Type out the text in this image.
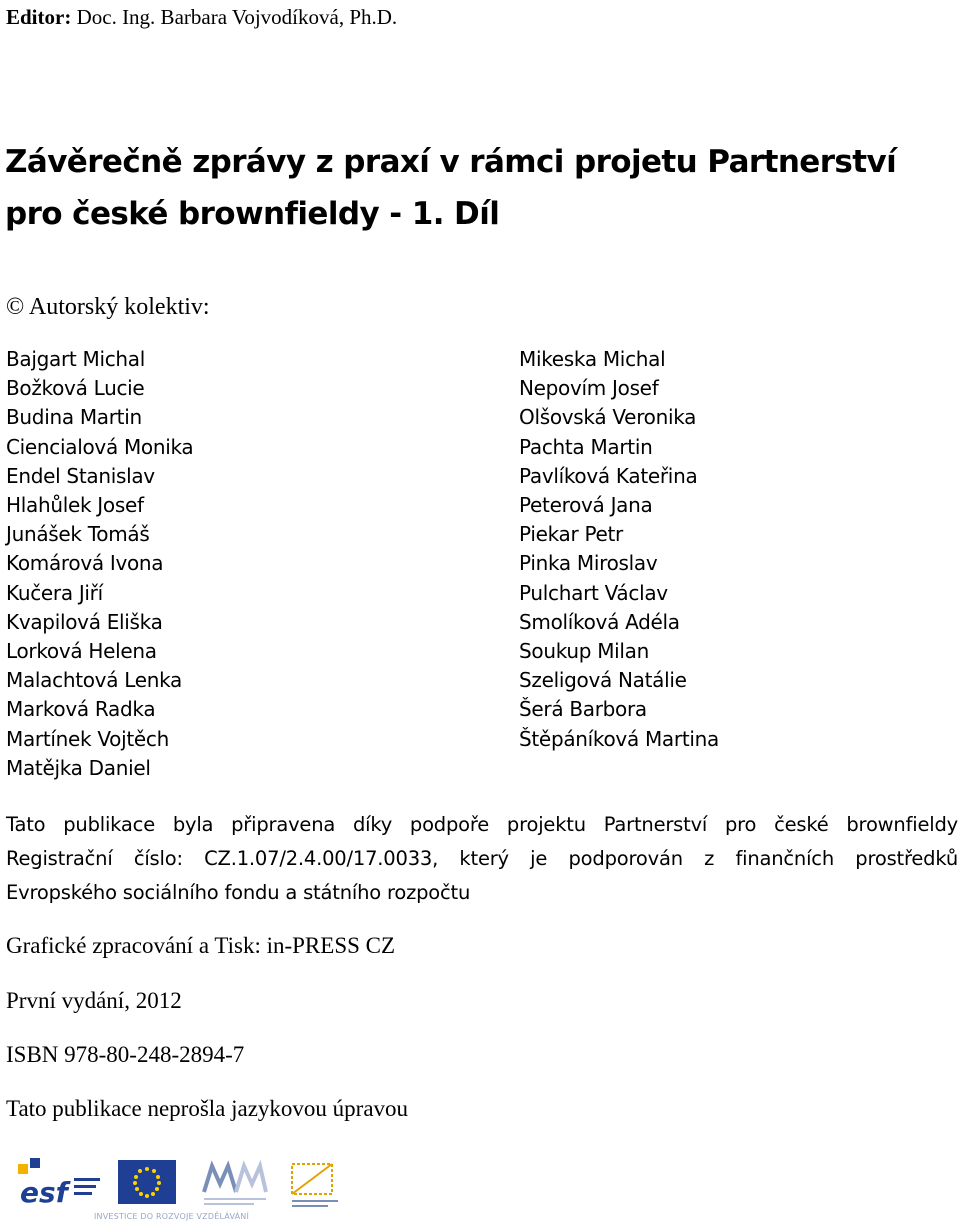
Editor: Doc. Ing. Barbara Vojvodíková, Ph.D.
Závěrečně zprávy z praxí v rámci projetu Partnerství pro české brownfieldy - 1. Díl
© Autorský kolektiv:
Bajgart Michal
Božková Lucie
Budina Martin
Ciencialová Monika
Endel Stanislav
Hlahůlek Josef
Junášek Tomáš
Komárová Ivona
Kučera Jiří
Kvapilová Eliška
Lorková Helena
Malachtová Lenka
Marková Radka
Martínek Vojtěch
Matějka Daniel
Mikeska Michal
Nepovím Josef
Olšovská Veronika
Pachta Martin
Pavlíková Kateřina
Peterová Jana
Piekar Petr
Pinka Miroslav
Pulchart Václav
Smolíková Adéla
Soukup Milan
Szeligová Natálie
Šerá Barbora
Štěpáníková Martina
Tato publikace byla připravena díky podpoře projektu Partnerství pro české brownfieldy
Registrační číslo: CZ.1.07/2.4.00/17.0033, který je podporován z finančních prostředků
Evropského sociálního fondu a státního rozpočtu
Grafické zpracování a Tisk: in-PRESS CZ
První vydání, 2012
ISBN 978-80-248-2894-7
Tato publikace neprošla jazykovou úpravou
esf
INVESTICE DO ROZVOJE VZDĚLÁVÁNÍ
